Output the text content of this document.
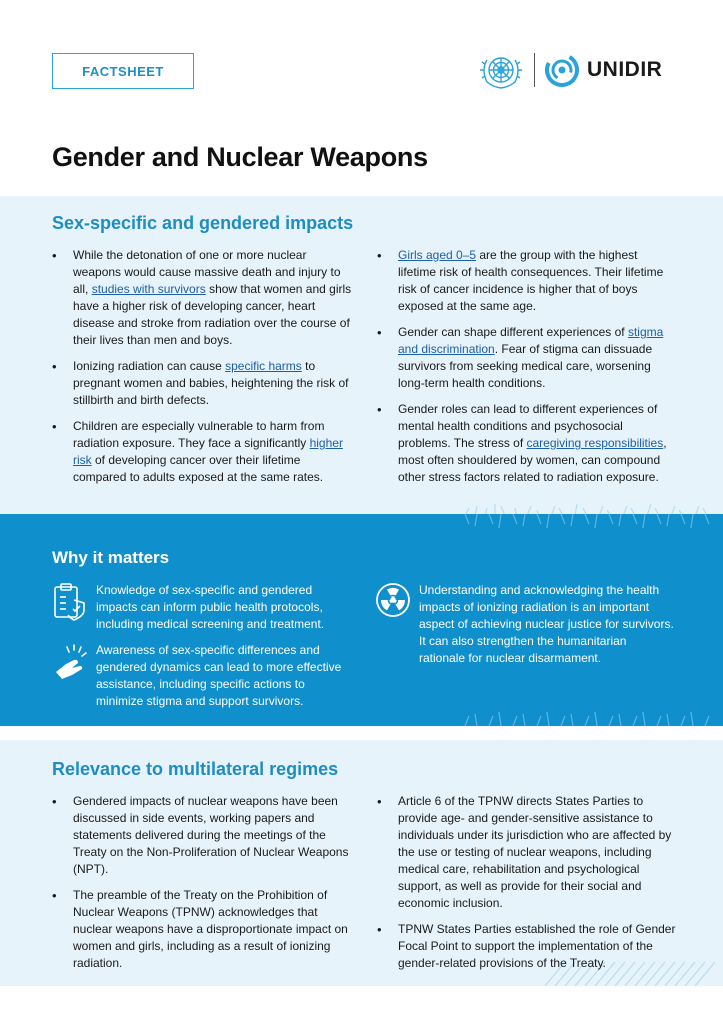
FACTSHEET	UNIDIR
Gender and Nuclear Weapons
Sex-specific and gendered impacts
• While the detonation of one or more nuclear weapons would cause massive death and injury to all, studies with survivors show that women and girls have a higher risk of developing cancer, heart disease and stroke from radiation over the course of their lives than men and boys.
• Ionizing radiation can cause specific harms to pregnant women and babies, heightening the risk of stillbirth and birth defects.
• Children are especially vulnerable to harm from radiation exposure. They face a significantly higher risk of developing cancer over their lifetime compared to adults exposed at the same rates.
• Girls aged 0–5 are the group with the highest lifetime risk of health consequences. Their lifetime risk of cancer incidence is higher that of boys exposed at the same age.
• Gender can shape different experiences of stigma and discrimination. Fear of stigma can dissuade survivors from seeking medical care, worsening long-term health conditions.
• Gender roles can lead to different experiences of mental health conditions and psychosocial problems. The stress of caregiving responsibilities, most often shouldered by women, can compound other stress factors related to radiation exposure.
Why it matters
Knowledge of sex-specific and gendered impacts can inform public health protocols, including medical screening and treatment.
Awareness of sex-specific differences and gendered dynamics can lead to more effective assistance, including specific actions to minimize stigma and support survivors.
Understanding and acknowledging the health impacts of ionizing radiation is an important aspect of achieving nuclear justice for survivors. It can also strengthen the humanitarian rationale for nuclear disarmament.
Relevance to multilateral regimes
• Gendered impacts of nuclear weapons have been discussed in side events, working papers and statements delivered during the meetings of the Treaty on the Non-Proliferation of Nuclear Weapons (NPT).
• The preamble of the Treaty on the Prohibition of Nuclear Weapons (TPNW) acknowledges that nuclear weapons have a disproportionate impact on women and girls, including as a result of ionizing radiation.
• Article 6 of the TPNW directs States Parties to provide age- and gender-sensitive assistance to individuals under its jurisdiction who are affected by the use or testing of nuclear weapons, including medical care, rehabilitation and psychological support, as well as provide for their social and economic inclusion.
• TPNW States Parties established the role of Gender Focal Point to support the implementation of the gender-related provisions of the Treaty.
